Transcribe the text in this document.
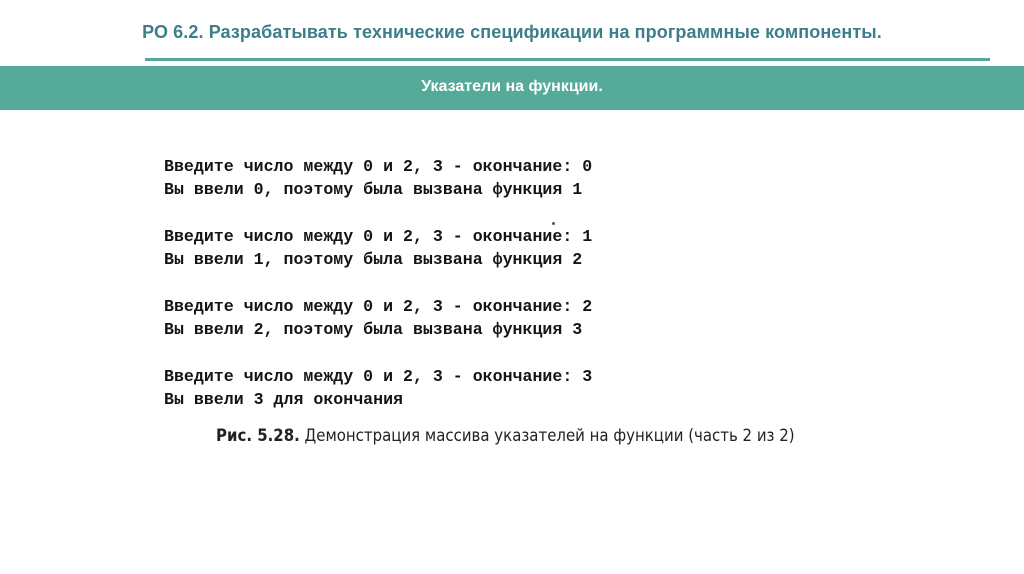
РО 6.2. Разрабатывать технические спецификации на программные компоненты.
Указатели на функции.
Введите число между 0 и 2, 3 - окончание: 0
Вы ввели 0, поэтому была вызвана функция 1
Введите число между 0 и 2, 3 - окончание: 1
Вы ввели 1, поэтому была вызвана функция 2
Введите число между 0 и 2, 3 - окончание: 2
Вы ввели 2, поэтому была вызвана функция 3
Введите число между 0 и 2, 3 - окончание: 3
Вы ввели 3 для окончания
Рис. 5.28. Демонстрация массива указателей на функции (часть 2 из 2)
